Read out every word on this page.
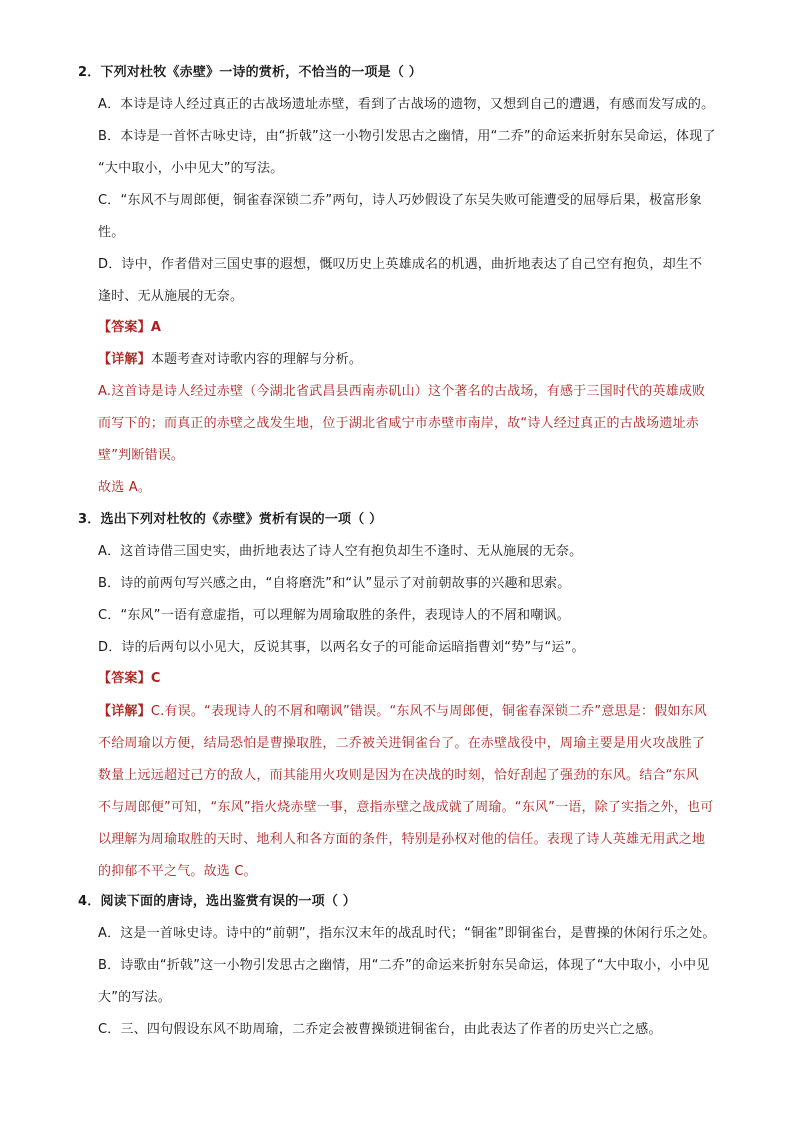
2．下列对杜牧《赤壁》一诗的赏析，不恰当的一项是（ ）
A．本诗是诗人经过真正的古战场遗址赤壁，看到了古战场的遗物，又想到自己的遭遇，有感而发写成的。
B．本诗是一首怀古咏史诗，由“折戟”这一小物引发思古之幽情，用“二乔”的命运来折射东吴命运，体现了
“大中取小，小中见大”的写法。
C．“东风不与周郎便，铜雀春深锁二乔”两句，诗人巧妙假设了东吴失败可能遭受的屈辱后果，极富形象
性。
D．诗中，作者借对三国史事的遐想，慨叹历史上英雄成名的机遇，曲折地表达了自己空有抱负，却生不
逢时、无从施展的无奈。
【答案】A
【详解】本题考查对诗歌内容的理解与分析。
A.这首诗是诗人经过赤壁（今湖北省武昌县西南赤矶山）这个著名的古战场，有感于三国时代的英雄成败
而写下的；而真正的赤壁之战发生地，位于湖北省咸宁市赤壁市南岸，故“诗人经过真正的古战场遗址赤
壁”判断错误。
故选 A。
3．选出下列对杜牧的《赤壁》赏析有误的一项（ ）
A．这首诗借三国史实，曲折地表达了诗人空有抱负却生不逢时、无从施展的无奈。
B．诗的前两句写兴感之由，“自将磨洗”和“认”显示了对前朝故事的兴趣和思索。
C．“东风”一语有意虚指，可以理解为周瑜取胜的条件，表现诗人的不屑和嘲讽。
D．诗的后两句以小见大，反说其事，以两名女子的可能命运暗指曹刘“势”与“运”。
【答案】C
【详解】C.有误。“表现诗人的不屑和嘲讽”错误。“东风不与周郎便，铜雀春深锁二乔”意思是：假如东风
不给周瑜以方便，结局恐怕是曹操取胜，二乔被关进铜雀台了。在赤壁战役中，周瑜主要是用火攻战胜了
数量上远远超过己方的敌人，而其能用火攻则是因为在决战的时刻，恰好刮起了强劲的东风。结合“东风
不与周郎便”可知，“东风”指火烧赤壁一事，意指赤壁之战成就了周瑜。“东风”一语，除了实指之外，也可
以理解为周瑜取胜的天时、地利人和各方面的条件，特别是孙权对他的信任。表现了诗人英雄无用武之地
的抑郁不平之气。故选 C。
4．阅读下面的唐诗，选出鉴赏有误的一项（ ）
A．这是一首咏史诗。诗中的“前朝”，指东汉末年的战乱时代；“铜雀”即铜雀台，是曹操的休闲行乐之处。
B．诗歌由“折戟”这一小物引发思古之幽情，用“二乔”的命运来折射东吴命运，体现了“大中取小，小中见
大”的写法。
C．三、四句假设东风不助周瑜，二乔定会被曹操锁进铜雀台，由此表达了作者的历史兴亡之感。
